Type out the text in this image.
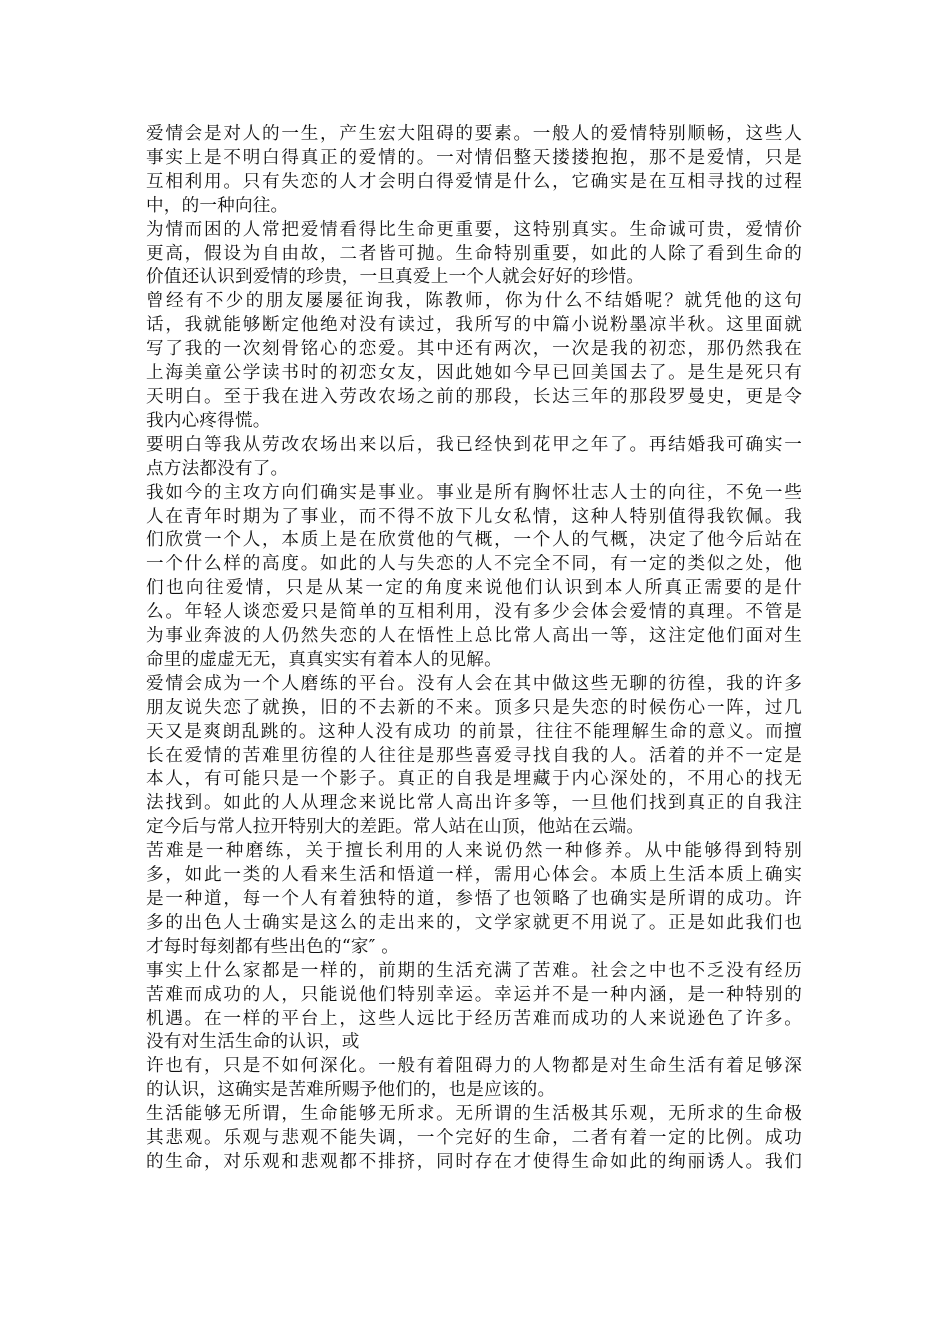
爱情会是对人的一生，产生宏大阻碍的要素。一般人的爱情特别顺畅，这些人
事实上是不明白得真正的爱情的。一对情侣整天搂搂抱抱，那不是爱情，只是
互相利用。只有失恋的人才会明白得爱情是什么，它确实是在互相寻找的过程
中，的一种向往。
为情而困的人常把爱情看得比生命更重要，这特别真实。生命诚可贵，爱情价
更高，假设为自由故，二者皆可抛。生命特别重要，如此的人除了看到生命的
价值还认识到爱情的珍贵，一旦真爱上一个人就会好好的珍惜。
曾经有不少的朋友屡屡征询我，陈教师，你为什么不结婚呢？就凭他的这句
话，我就能够断定他绝对没有读过，我所写的中篇小说粉墨凉半秋。这里面就
写了我的一次刻骨铭心的恋爱。其中还有两次，一次是我的初恋，那仍然我在
上海美童公学读书时的初恋女友，因此她如今早已回美国去了。是生是死只有
天明白。至于我在进入劳改农场之前的那段，长达三年的那段罗曼史，更是令
我内心疼得慌。
要明白等我从劳改农场出来以后，我已经快到花甲之年了。再结婚我可确实一
点方法都没有了。
我如今的主攻方向们确实是事业。事业是所有胸怀壮志人士的向往，不免一些
人在青年时期为了事业，而不得不放下儿女私情，这种人特别值得我钦佩。我
们欣赏一个人，本质上是在欣赏他的气概，一个人的气概，决定了他今后站在
一个什么样的高度。如此的人与失恋的人不完全不同，有一定的类似之处，他
们也向往爱情，只是从某一定的角度来说他们认识到本人所真正需要的是什
么。年轻人谈恋爱只是简单的互相利用，没有多少会体会爱情的真理。不管是
为事业奔波的人仍然失恋的人在悟性上总比常人高出一等，这注定他们面对生
命里的虚虚无无，真真实实有着本人的见解。
爱情会成为一个人磨练的平台。没有人会在其中做这些无聊的彷徨，我的许多
朋友说失恋了就换，旧的不去新的不来。顶多只是失恋的时候伤心一阵，过几
天又是爽朗乱跳的。这种人没有成功 的前景，往往不能理解生命的意义。而擅
长在爱情的苦难里彷徨的人往往是那些喜爱寻找自我的人。活着的并不一定是
本人，有可能只是一个影子。真正的自我是埋藏于内心深处的，不用心的找无
法找到。如此的人从理念来说比常人高出许多等，一旦他们找到真正的自我注
定今后与常人拉开特别大的差距。常人站在山顶，他站在云端。
苦难是一种磨练，关于擅长利用的人来说仍然一种修养。从中能够得到特别
多，如此一类的人看来生活和悟道一样，需用心体会。本质上生活本质上确实
是一种道，每一个人有着独特的道，参悟了也领略了也确实是所谓的成功。许
多的出色人士确实是这么的走出来的，文学家就更不用说了。正是如此我们也
才每时每刻都有些出色的“家″ 。
事实上什么家都是一样的，前期的生活充满了苦难。社会之中也不乏没有经历
苦难而成功的人，只能说他们特别幸运。幸运并不是一种内涵，是一种特别的
机遇。在一样的平台上，这些人远比于经历苦难而成功的人来说逊色了许多。
没有对生活生命的认识，或
许也有，只是不如何深化。一般有着阻碍力的人物都是对生命生活有着足够深
的认识，这确实是苦难所赐予他们的，也是应该的。
生活能够无所谓，生命能够无所求。无所谓的生活极其乐观，无所求的生命极
其悲观。乐观与悲观不能失调，一个完好的生命，二者有着一定的比例。成功
的生命，对乐观和悲观都不排挤，同时存在才使得生命如此的绚丽诱人。我们
